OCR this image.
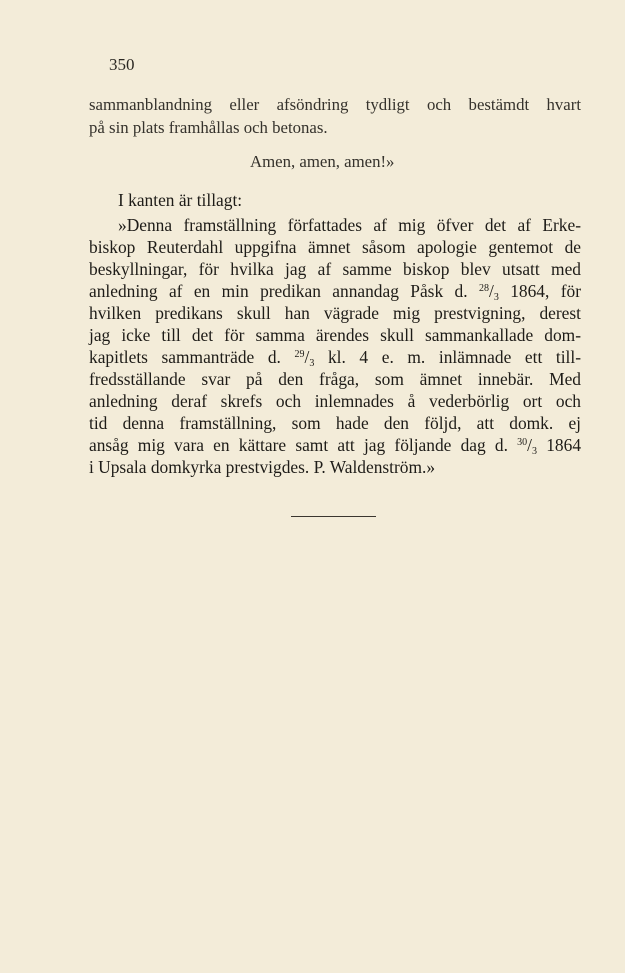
350
sammanblandning eller afsöndring tydligt och bestämdt hvart
på sin plats framhållas och betonas.
Amen, amen, amen!»
I kanten är tillagt:
»Denna framställning författades af mig öfver det af Erke-
biskop Reuterdahl uppgifna ämnet såsom apologie gentemot de
beskyllningar, för hvilka jag af samme biskop blev utsatt med
anledning af en min predikan annandag Påsk d. $^{28}/_3$ 1864, för
hvilken predikans skull han vägrade mig prestvigning, derest
jag icke till det för samma ärendes skull sammankallade dom-
kapitlets sammanträde d. $^{29}/_3$ kl. 4 e. m. inlämnade ett till-
fredsställande svar på den fråga, som ämnet innebär. Med
anledning deraf skrefs och inlemnades å vederbörlig ort och
tid denna framställning, som hade den följd, att domk. ej
ansåg mig vara en kättare samt att jag följande dag d. $^{30}/_3$ 1864
i Upsala domkyrka prestvigdes. P. Waldenström.»
